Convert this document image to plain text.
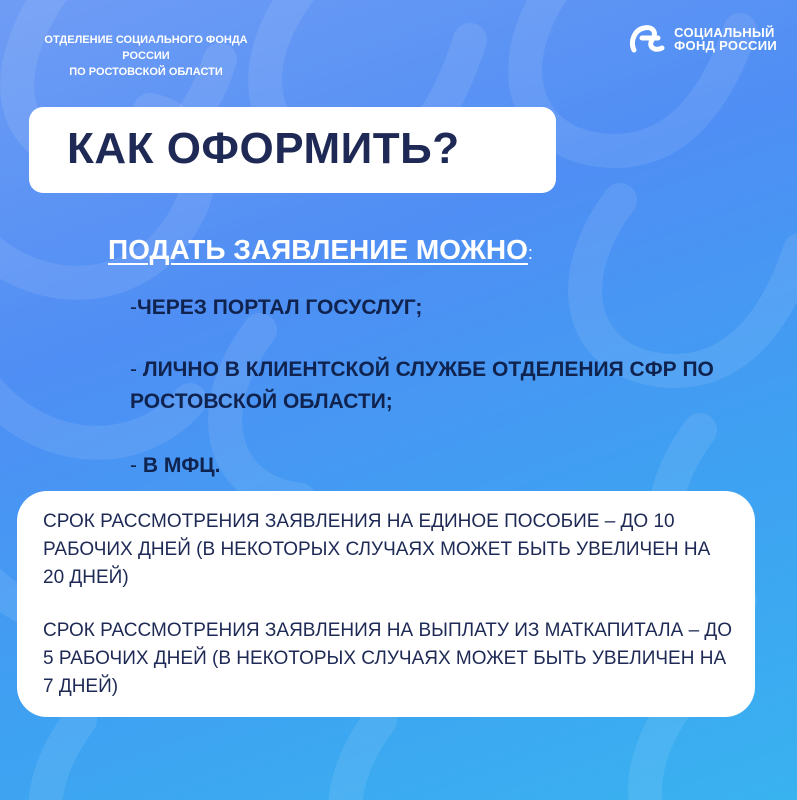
ОТДЕЛЕНИЕ СОЦИАЛЬНОГО ФОНДА РОССИИ
ПО РОСТОВСКОЙ ОБЛАСТИ
СОЦИАЛЬНЫЙ
ФОНД РОССИИ
КАК ОФОРМИТЬ?
ПОДАТЬ ЗАЯВЛЕНИЕ МОЖНО:
-ЧЕРЕЗ ПОРТАЛ ГОСУСЛУГ;
- ЛИЧНО В КЛИЕНТСКОЙ СЛУЖБЕ ОТДЕЛЕНИЯ СФР ПО РОСТОВСКОЙ ОБЛАСТИ;
- В МФЦ.
СРОК РАССМОТРЕНИЯ ЗАЯВЛЕНИЯ НА ЕДИНОЕ ПОСОБИЕ – ДО 10 РАБОЧИХ ДНЕЙ (В НЕКОТОРЫХ СЛУЧАЯХ МОЖЕТ БЫТЬ УВЕЛИЧЕН НА 20 ДНЕЙ)
СРОК РАССМОТРЕНИЯ ЗАЯВЛЕНИЯ НА ВЫПЛАТУ ИЗ МАТКАПИТАЛА – ДО 5 РАБОЧИХ ДНЕЙ (В НЕКОТОРЫХ СЛУЧАЯХ МОЖЕТ БЫТЬ УВЕЛИЧЕН НА 7 ДНЕЙ)
